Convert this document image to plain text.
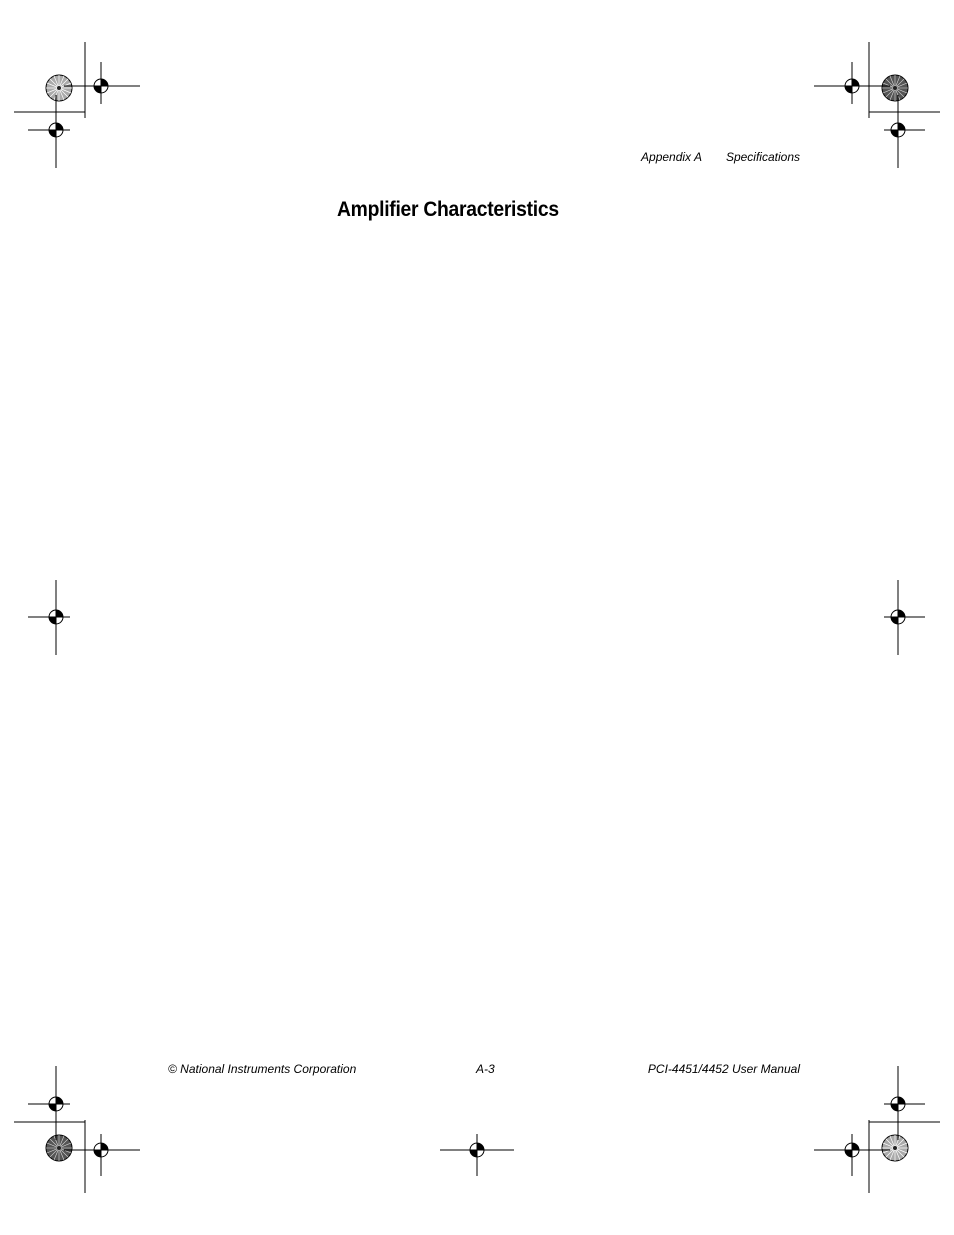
Appendix A Specifications
Amplifier Characteristics
© National Instruments Corporation	A-3	PCI-4451/4452 User Manual
